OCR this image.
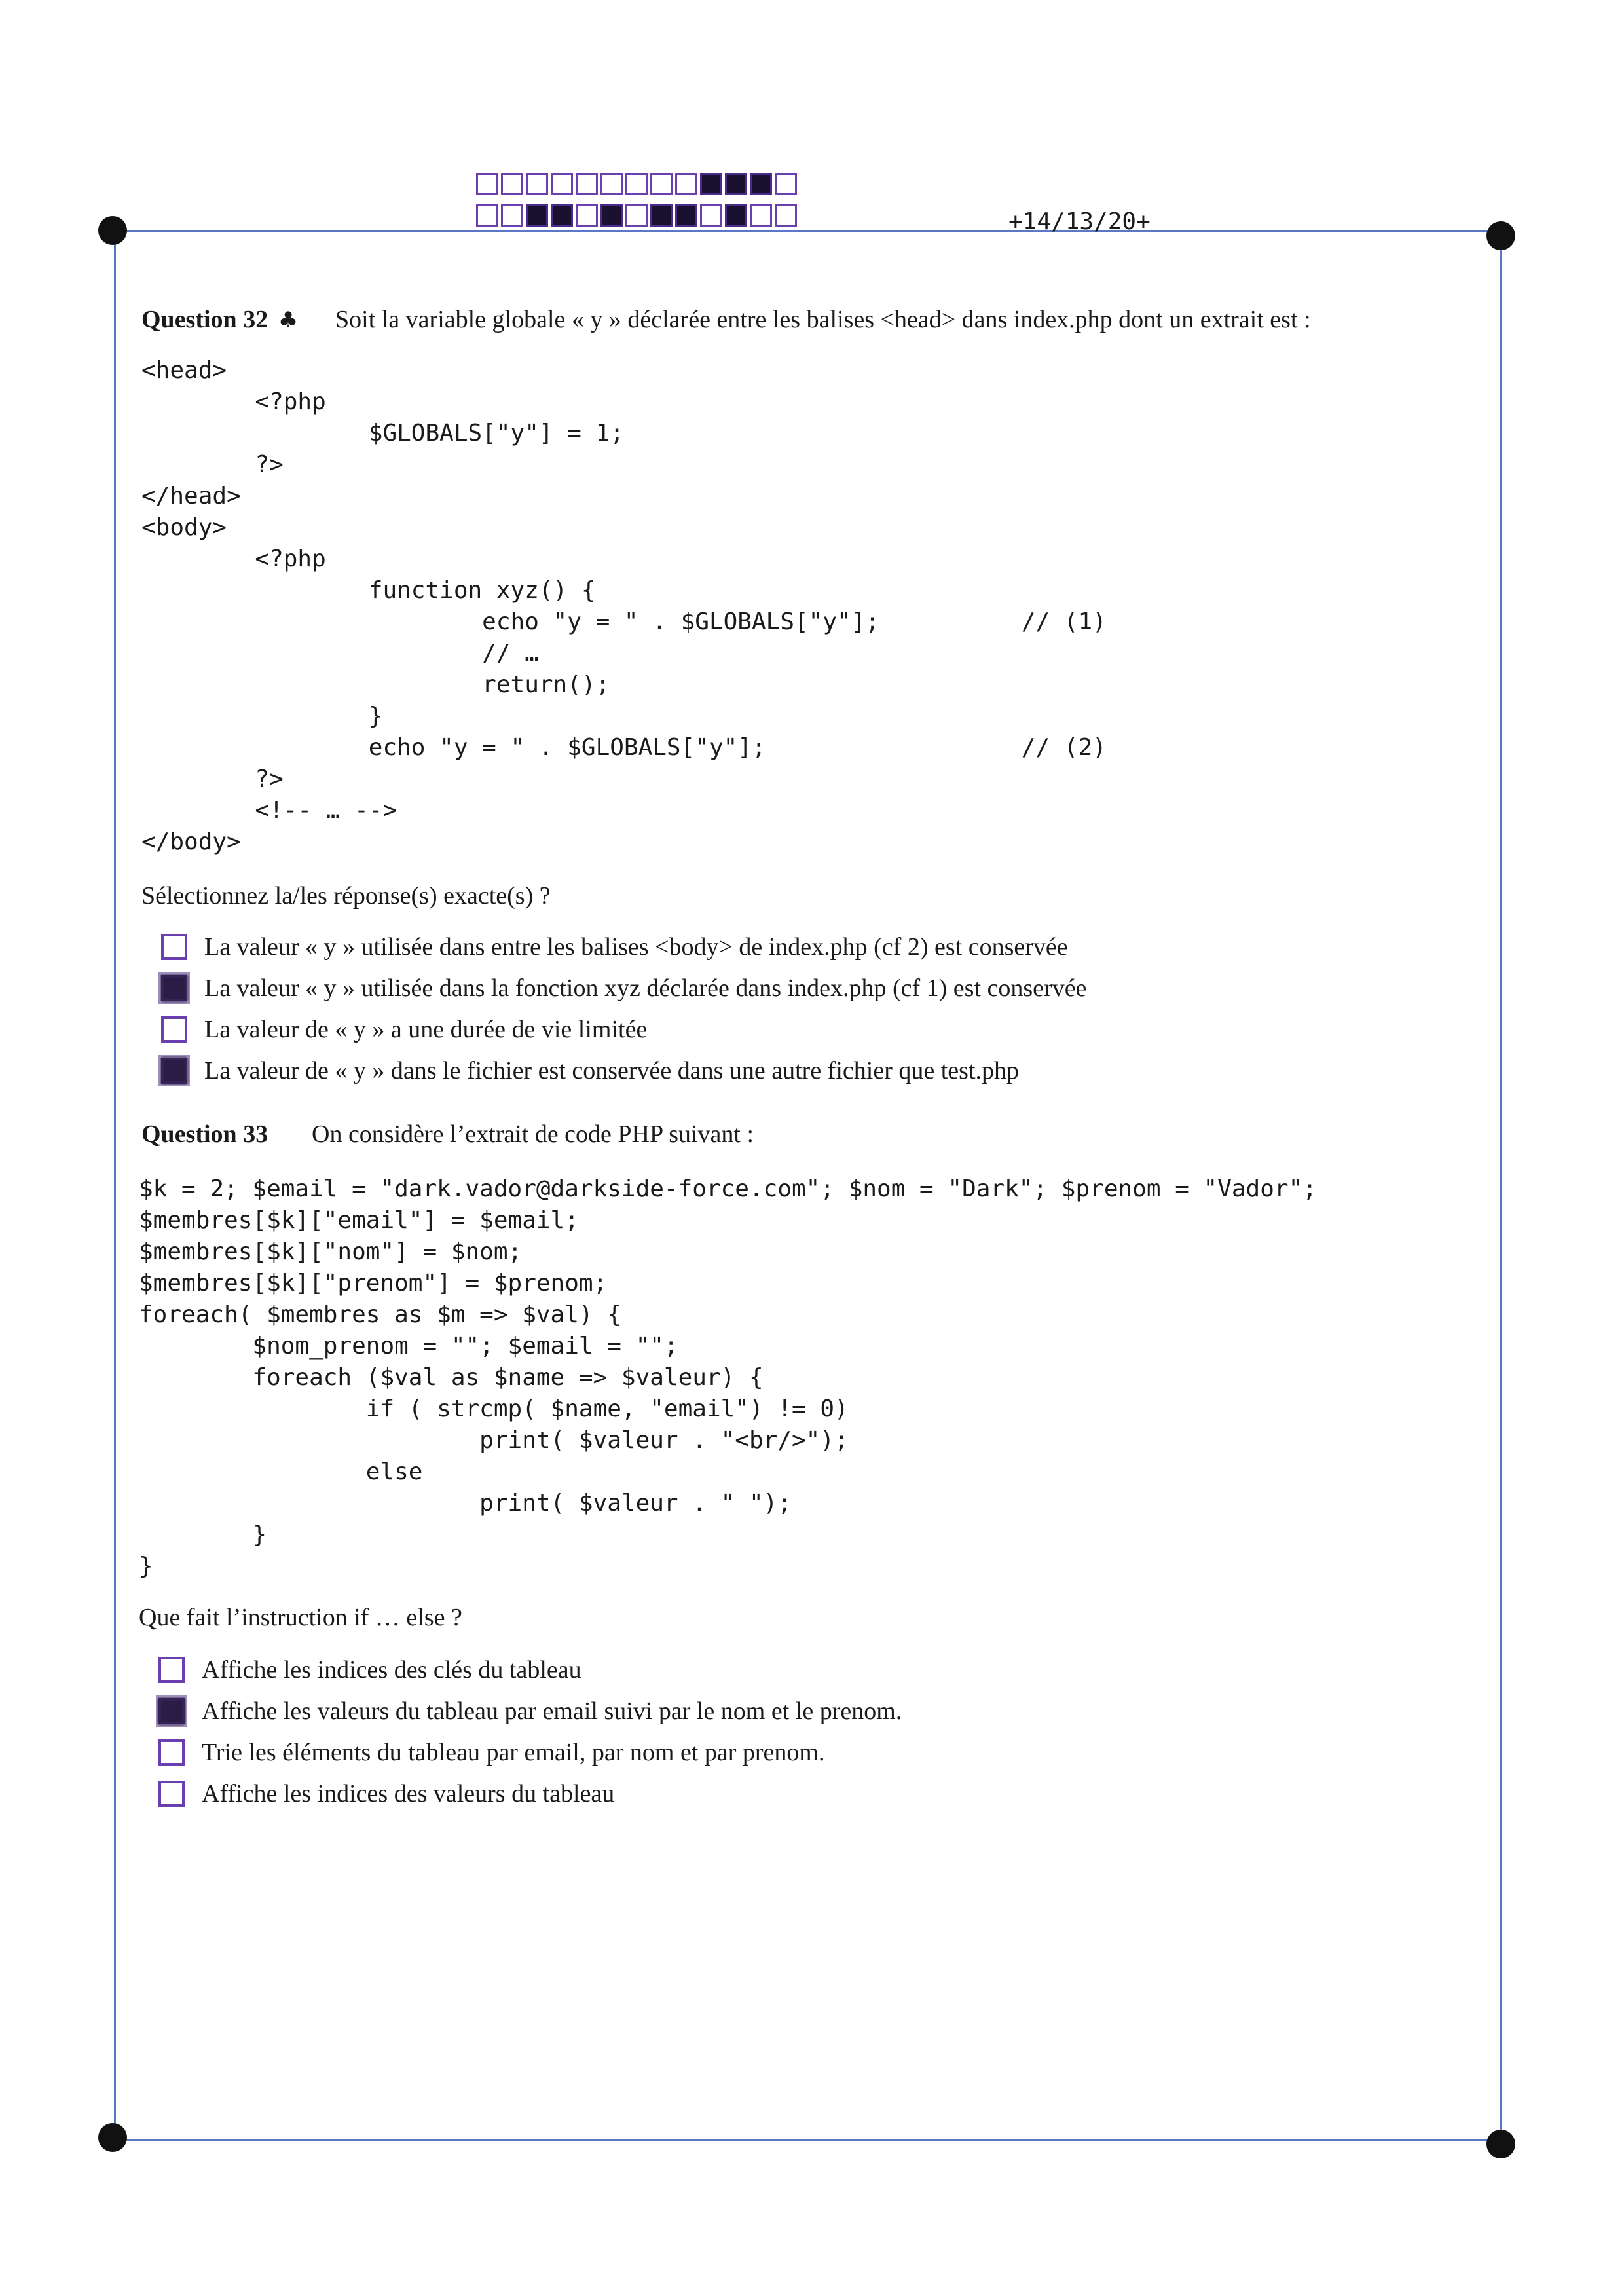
+14/13/20+
Question 32 ♣ Soit la variable globale « y » déclarée entre les balises <head> dans index.php dont un extrait est :
<head>
<?php
$GLOBALS["y"] = 1;
?>
</head>
<body>
<?php
function xyz() {
echo "y = " . $GLOBALS["y"];          // (1)
// …
return();
}
echo "y = " . $GLOBALS["y"];                  // (2)
?>
<!-- … -->
</body>
Sélectionnez la/les réponse(s) exacte(s) ?
La valeur « y » utilisée dans entre les balises <body> de index.php (cf 2) est conservée
La valeur « y » utilisée dans la fonction xyz déclarée dans index.php (cf 1) est conservée
La valeur de « y » a une durée de vie limitée
La valeur de « y » dans le fichier est conservée dans une autre fichier que test.php
Question 33 On considère l’extrait de code PHP suivant :
$k = 2; $email = "dark.vador@darkside-force.com"; $nom = "Dark"; $prenom = "Vador";
$membres[$k]["email"] = $email;
$membres[$k]["nom"] = $nom;
$membres[$k]["prenom"] = $prenom;
foreach( $membres as $m => $val) {
$nom_prenom = ""; $email = "";
foreach ($val as $name => $valeur) {
if ( strcmp( $name, "email") != 0)
print( $valeur . "<br/>");
else
print( $valeur . " ");
}
}
Que fait l’instruction if … else ?
Affiche les indices des clés du tableau
Affiche les valeurs du tableau par email suivi par le nom et le prenom.
Trie les éléments du tableau par email, par nom et par prenom.
Affiche les indices des valeurs du tableau
